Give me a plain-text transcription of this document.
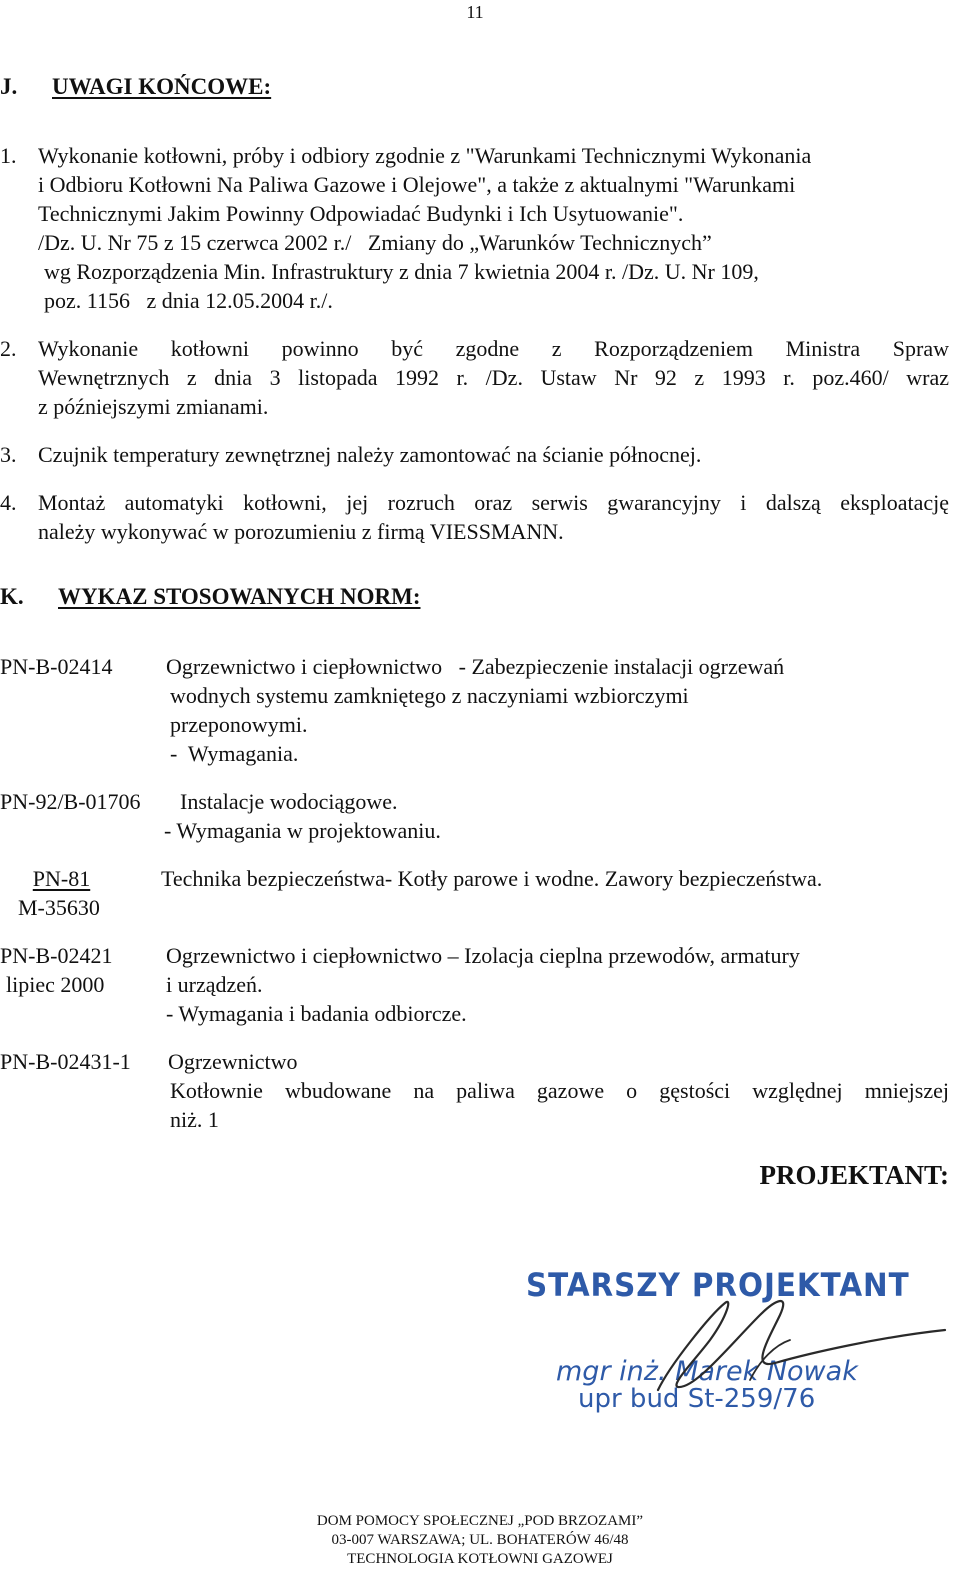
11
J. UWAGI KOŃCOWE:
1. Wykonanie kotłowni, próby i odbiory zgodnie z "Warunkami Technicznymi Wykonania
i Odbioru Kotłowni Na Paliwa Gazowe i Olejowe", a także z aktualnymi "Warunkami
Technicznymi Jakim Powinny Odpowiadać Budynki i Ich Usytuowanie".
/Dz. U. Nr 75 z 15 czerwca 2002 r./   Zmiany do „Warunków Technicznych”
wg Rozporządzenia Min. Infrastruktury z dnia 7 kwietnia 2004 r. /Dz. U. Nr 109,
poz. 1156   z dnia 12.05.2004 r./.
2. Wykonanie kotłowni powinno być zgodne z Rozporządzeniem Ministra Spraw
Wewnętrznych z dnia 3 listopada 1992 r. /Dz. Ustaw Nr 92 z 1993 r. poz.460/ wraz
z późniejszymi zmianami.
3. Czujnik temperatury zewnętrznej należy zamontować na ścianie północnej.
4. Montaż automatyki kotłowni, jej rozruch oraz serwis gwarancyjny i dalszą eksploatację
należy wykonywać w porozumieniu z firmą VIESSMANN.
K. WYKAZ STOSOWANYCH NORM:
PN-B-02414 Ogrzewnictwo i ciepłownictwo   - Zabezpieczenie instalacji ogrzewań
wodnych systemu zamkniętego z naczyniami wzbiorczymi
przeponowymi.
-  Wymagania.
PN-92/B-01706 Instalacje wodociągowe.
- Wymagania w projektowaniu.
PN-81
M-35630
Technika bezpieczeństwa- Kotły parowe i wodne. Zawory bezpieczeństwa.
PN-B-02421
lipiec 2000
Ogrzewnictwo i ciepłownictwo – Izolacja cieplna przewodów, armatury
i urządzeń.
- Wymagania i badania odbiorcze.
PN-B-02431-1 Ogrzewnictwo
Kotłownie wbudowane na paliwa gazowe o gęstości względnej mniejszej
niż. 1
PROJEKTANT:
STARSZY PROJEKTANT
mgr inż. Marek Nowak
upr bud St-259/76
DOM POMOCY SPOŁECZNEJ „POD BRZOZAMI”
03-007 WARSZAWA; UL. BOHATERÓW 46/48
TECHNOLOGIA KOTŁOWNI GAZOWEJ
